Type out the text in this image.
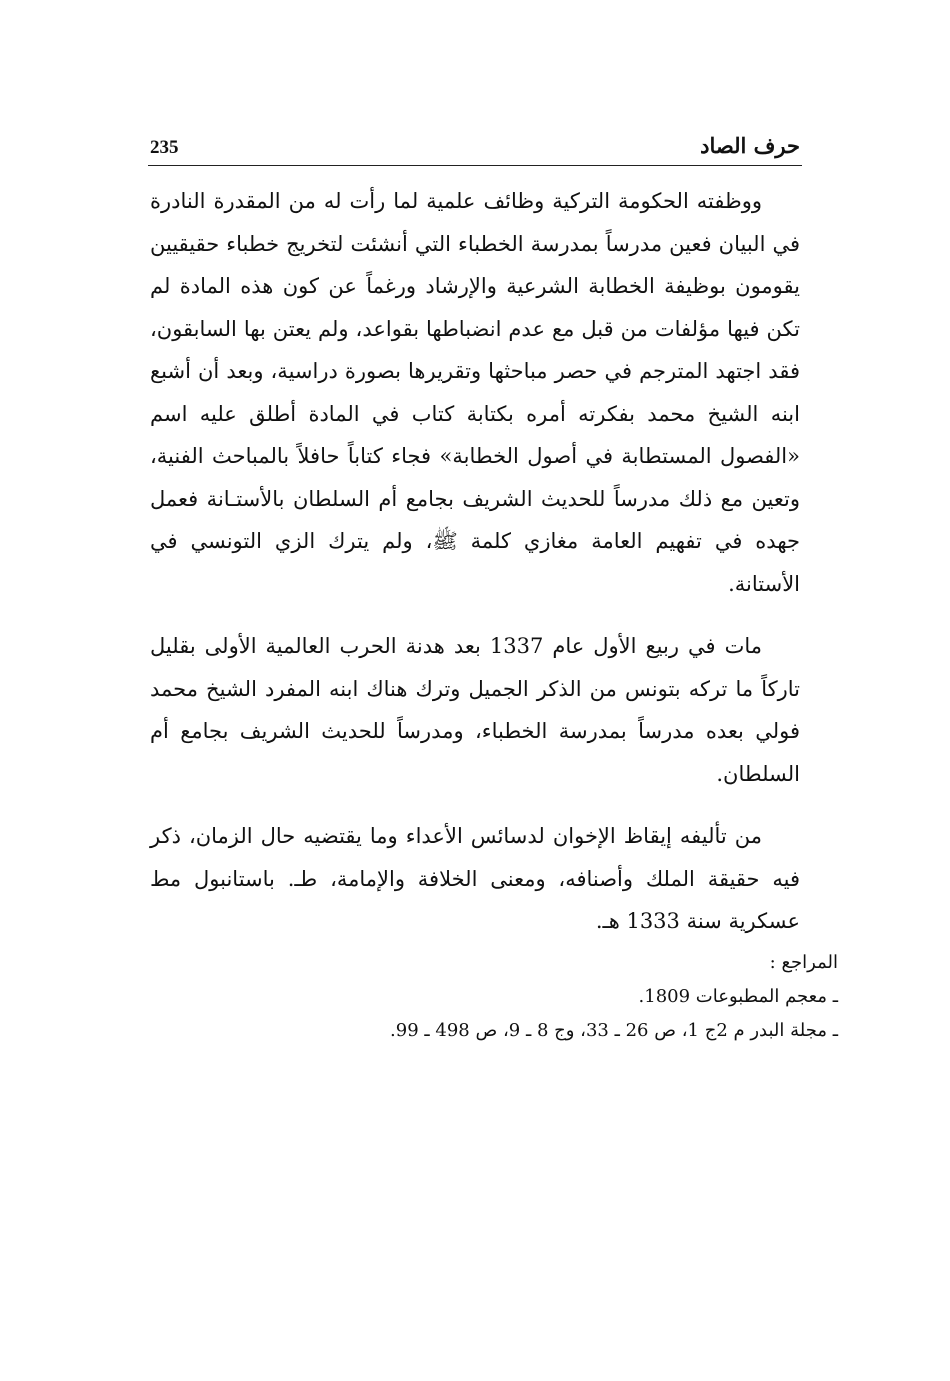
235	حرف الصاد

ووظفته الحكومة التركية وظائف علمية لما رأت له من المقدرة النادرة في البيان فعين مدرساً بمدرسة الخطباء التي أنشئت لتخريج خطباء حقيقيين يقومون بوظيفة الخطابة الشرعية والإرشاد ورغماً عن كون هذه المادة لم تكن فيها مؤلفات من قبل مع عدم انضباطها بقواعد، ولم يعتن بها السابقون، فقد اجتهد المترجم في حصر مباحثها وتقريرها بصورة دراسية، وبعد أن أشبع ابنه الشيخ محمد بفكرته أمره بكتابة كتاب في المادة أطلق عليه اسم «الفصول المستطابة في أصول الخطابة» فجاء كتاباً حافلاً بالمباحث الفنية، وتعين مع ذلك مدرساً للحديث الشريف بجامع أم السلطان بالأستـانة فعمل جهده في تفهيم العامة مغازي كلمة ﷺ، ولم يترك الزي التونسي في الأستانة.

مات في ربيع الأول عام 1337 بعد هدنة الحرب العالمية الأولى بقليل تاركاً ما تركه بتونس من الذكر الجميل وترك هناك ابنه المفرد الشيخ محمد فولي بعده مدرساً بمدرسة الخطباء، ومدرساً للحديث الشريف بجامع أم السلطان.

من تأليفه إيقاظ الإخوان لدسائس الأعداء وما يقتضيه حال الزمان، ذكر فيه حقيقة الملك وأصنافه، ومعنى الخلافة والإمامة، طـ. باستانبول مط عسكرية سنة 1333 هـ.

المراجع :

ـ معجم المطبوعات 1809.
ـ مجلة البدر م 2ج 1، ص 26 ـ 33، وج 8 ـ 9، ص 498 ـ 99.
